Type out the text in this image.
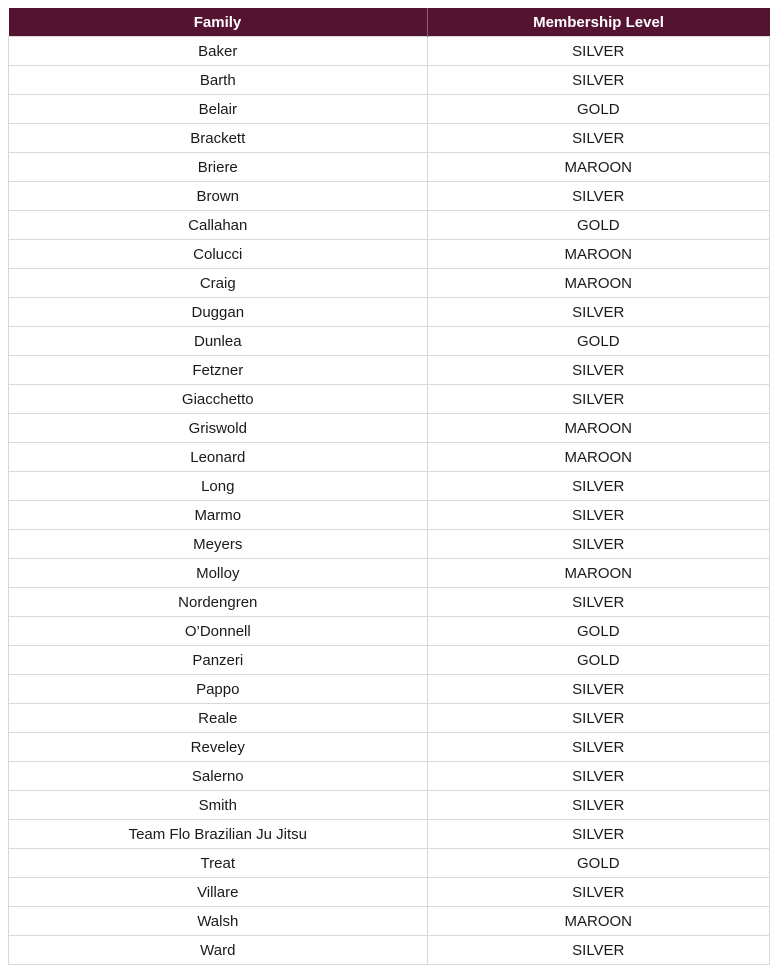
Family	Membership Level
Baker	SILVER
Barth	SILVER
Belair	GOLD
Brackett	SILVER
Briere	MAROON
Brown	SILVER
Callahan	GOLD
Colucci	MAROON
Craig	MAROON
Duggan	SILVER
Dunlea	GOLD
Fetzner	SILVER
Giacchetto	SILVER
Griswold	MAROON
Leonard	MAROON
Long	SILVER
Marmo	SILVER
Meyers	SILVER
Molloy	MAROON
Nordengren	SILVER
O’Donnell	GOLD
Panzeri	GOLD
Pappo	SILVER
Reale	SILVER
Reveley	SILVER
Salerno	SILVER
Smith	SILVER
Team Flo Brazilian Ju Jitsu	SILVER
Treat	GOLD
Villare	SILVER
Walsh	MAROON
Ward	SILVER
